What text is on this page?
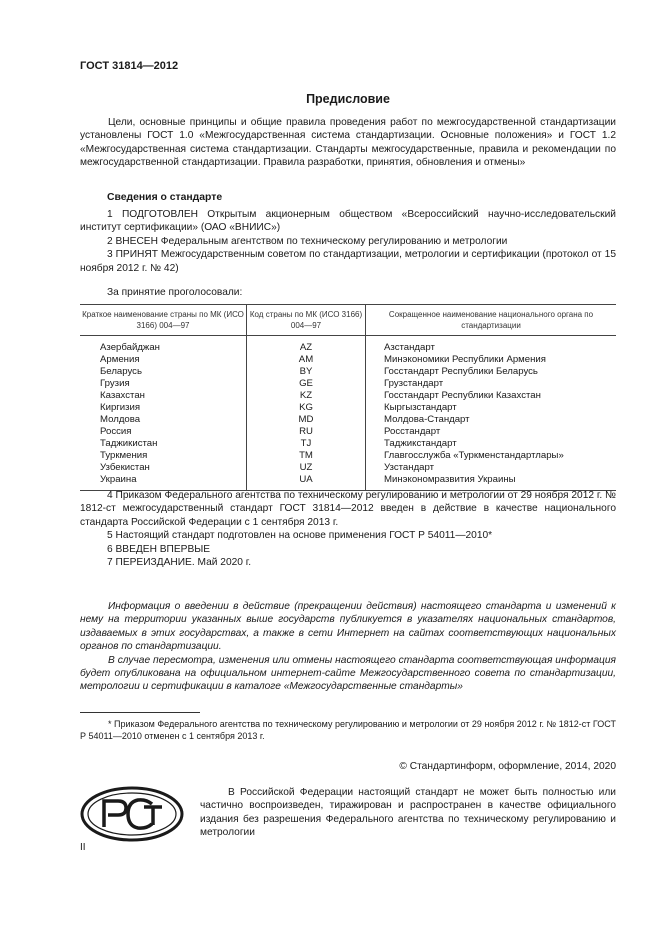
ГОСТ 31814—2012
Предисловие
Цели, основные принципы и общие правила проведения работ по межгосударственной стандартизации установлены ГОСТ 1.0 «Межгосударственная система стандартизации. Основные положения» и ГОСТ 1.2 «Межгосударственная система стандартизации. Стандарты межгосударственные, правила и рекомендации по межгосударственной стандартизации. Правила разработки, принятия, обновления и отмены»
Сведения о стандарте
1 ПОДГОТОВЛЕН Открытым акционерным обществом «Всероссийский научно-исследовательский институт сертификации» (ОАО «ВНИИС»)
2 ВНЕСЕН Федеральным агентством по техническому регулированию и метрологии
3 ПРИНЯТ Межгосударственным советом по стандартизации, метрологии и сертификации (протокол от 15 ноября 2012 г. № 42)
За принятие проголосовали:
Краткое наименование страны по МК (ИСО 3166) 004—97	Код страны по МК (ИСО 3166) 004—97	Сокращенное наименование национального органа по стандартизации
Азербайджан	AZ	Азстандарт
Армения	AM	Минэкономики Республики Армения
Беларусь	BY	Госстандарт Республики Беларусь
Грузия	GE	Грузстандарт
Казахстан	KZ	Госстандарт Республики Казахстан
Киргизия	KG	Кыргызстандарт
Молдова	MD	Молдова-Стандарт
Россия	RU	Росстандарт
Таджикистан	TJ	Таджикстандарт
Туркмения	TM	Главгосслужба «Туркменстандартлары»
Узбекистан	UZ	Узстандарт
Украина	UA	Минэкономразвития Украины
4 Приказом Федерального агентства по техническому регулированию и метрологии от 29 ноября 2012 г. № 1812-ст межгосударственный стандарт ГОСТ 31814—2012 введен в действие в качестве национального стандарта Российской Федерации с 1 сентября 2013 г.
5 Настоящий стандарт подготовлен на основе применения ГОСТ Р 54011—2010*
6 ВВЕДЕН ВПЕРВЫЕ
7 ПЕРЕИЗДАНИЕ. Май 2020 г.
Информация о введении в действие (прекращении действия) настоящего стандарта и изменений к нему на территории указанных выше государств публикуется в указателях национальных стандартов, издаваемых в этих государствах, а также в сети Интернет на сайтах соответствующих национальных органов по стандартизации.
В случае пересмотра, изменения или отмены настоящего стандарта соответствующая информация будет опубликована на официальном интернет-сайте Межгосударственного совета по стандартизации, метрологии и сертификации в каталоге «Межгосударственные стандарты»
* Приказом Федерального агентства по техническому регулированию и метрологии от 29 ноября 2012 г. № 1812-ст ГОСТ Р 54011—2010 отменен с 1 сентября 2013 г.
© Стандартинформ, оформление, 2014, 2020
В Российской Федерации настоящий стандарт не может быть полностью или частично воспроизведен, тиражирован и распространен в качестве официального издания без разрешения Федерального агентства по техническому регулированию и метрологии
II
